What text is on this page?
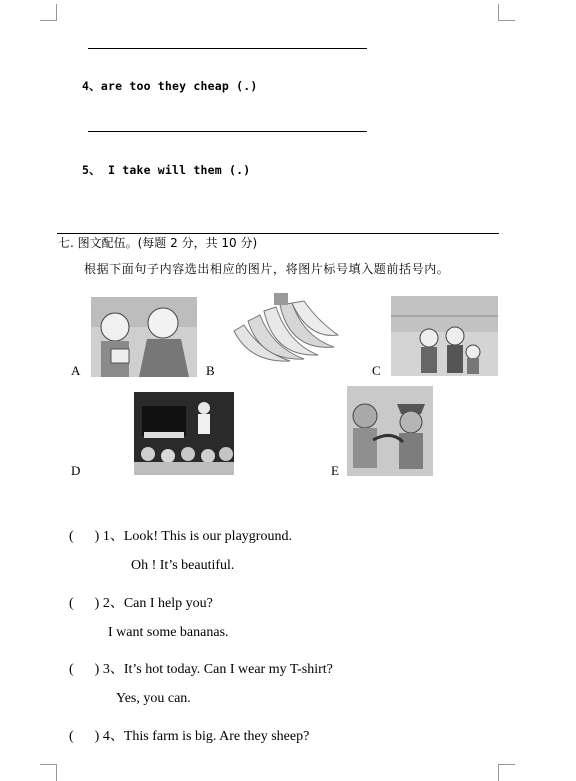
4、are too they cheap (.)
5、 I take will them (.)
七. 图文配伍。(每题 2 分，共 10 分)
根据下面句子内容选出相应的图片，将图片标号填入题前括号内。
A	B	C
D	E
(      ) 1、Look! This is our playground.
Oh ! It’s beautiful.
(      ) 2、Can I help you?
I want some bananas.
(      ) 3、It’s hot today. Can I wear my T-shirt?
Yes, you can.
(      ) 4、This farm is big. Are they sheep?
